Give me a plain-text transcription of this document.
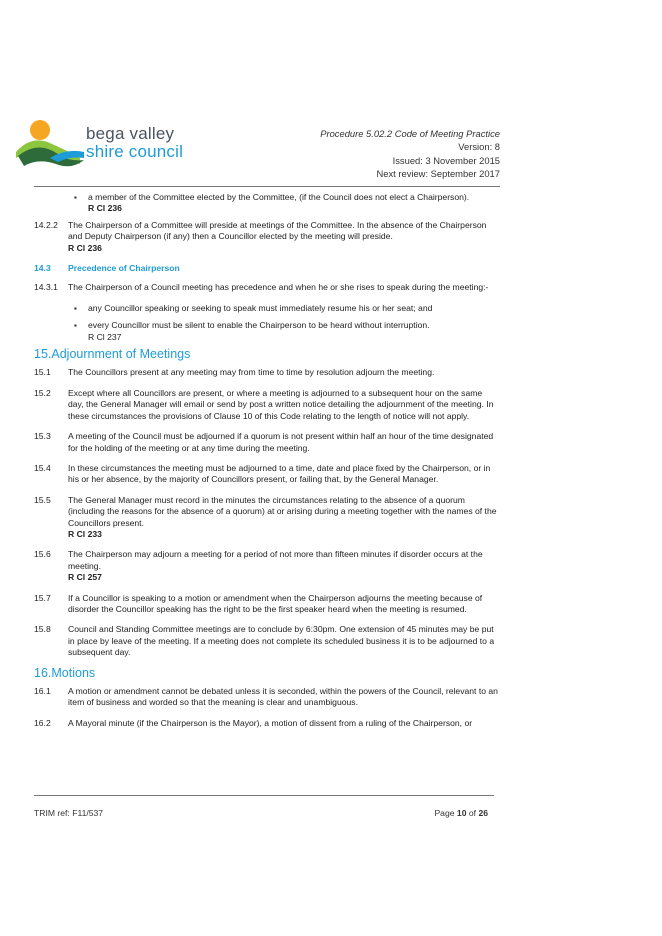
bega valley
shire council
Procedure 5.02.2 Code of Meeting Practice
Version: 8
Issued: 3 November 2015
Next review: September 2017
▪ a member of the Committee elected by the Committee, (if the Council does not elect a Chairperson).
R Cl 236
14.2.2	The Chairperson of a Committee will preside at meetings of the Committee. In the absence of the Chairperson and Deputy Chairperson (if any) then a Councillor elected by the meeting will preside.
R Cl 236
14.3	Precedence of Chairperson
14.3.1	The Chairperson of a Council meeting has precedence and when he or she rises to speak during the meeting:-
▪ any Councillor speaking or seeking to speak must immediately resume his or her seat; and
▪ every Councillor must be silent to enable the Chairperson to be heard without interruption.
R Cl 237
15.Adjournment of Meetings
15.1	The Councillors present at any meeting may from time to time by resolution adjourn the meeting.
15.2	Except where all Councillors are present, or where a meeting is adjourned to a subsequent hour on the same day, the General Manager will email or send by post a written notice detailing the adjournment of the meeting. In these circumstances the provisions of Clause 10 of this Code relating to the length of notice will not apply.
15.3	A meeting of the Council must be adjourned if a quorum is not present within half an hour of the time designated for the holding of the meeting or at any time during the meeting.
15.4	In these circumstances the meeting must be adjourned to a time, date and place fixed by the Chairperson, or in his or her absence, by the majority of Councillors present, or failing that, by the General Manager.
15.5	The General Manager must record in the minutes the circumstances relating to the absence of a quorum (including the reasons for the absence of a quorum) at or arising during a meeting together with the names of the Councillors present.
R Cl 233
15.6	The Chairperson may adjourn a meeting for a period of not more than fifteen minutes if disorder occurs at the meeting.
R Cl 257
15.7	If a Councillor is speaking to a motion or amendment when the Chairperson adjourns the meeting because of disorder the Councillor speaking has the right to be the first speaker heard when the meeting is resumed.
15.8	Council and Standing Committee meetings are to conclude by 6:30pm. One extension of 45 minutes may be put in place by leave of the meeting. If a meeting does not complete its scheduled business it is to be adjourned to a subsequent day.
16.Motions
16.1	A motion or amendment cannot be debated unless it is seconded, within the powers of the Council, relevant to an item of business and worded so that the meaning is clear and unambiguous.
16.2	A Mayoral minute (if the Chairperson is the Mayor), a motion of dissent from a ruling of the Chairperson, or
TRIM ref: F11/537	Page 10 of 26
